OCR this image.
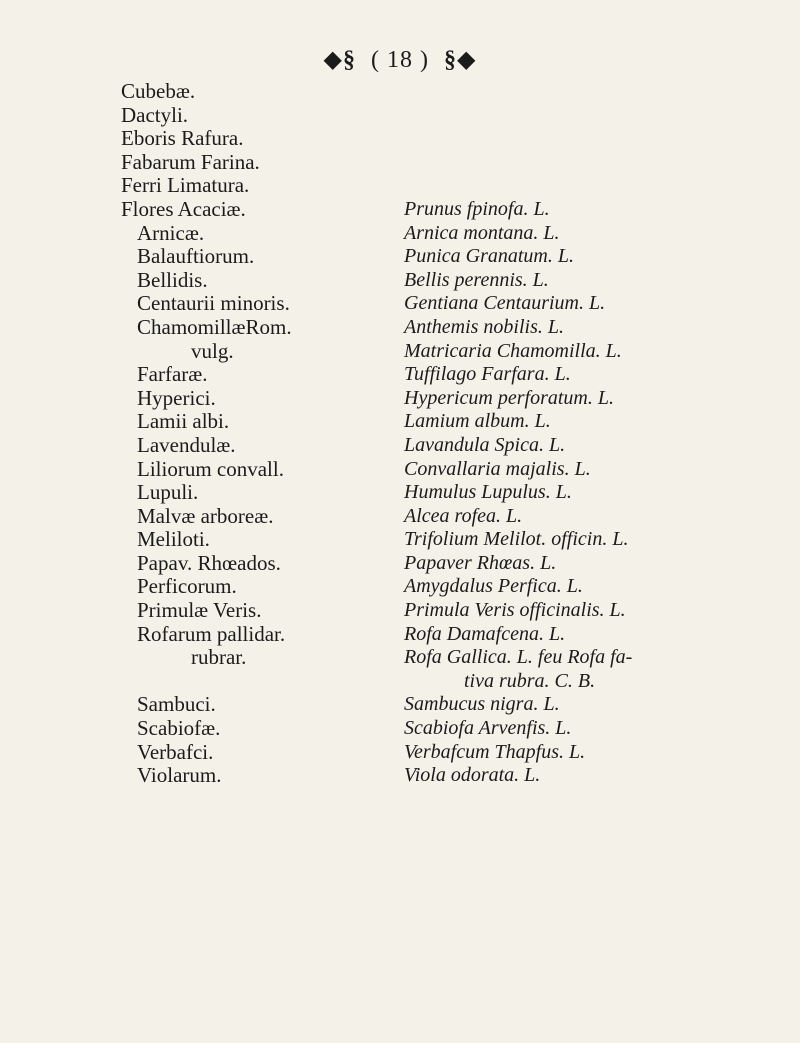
◆§ ( 18 ) §◆
Cubebæ.
Dactyli.
Eboris Rafura.
Fabarum Farina.
Ferri Limatura.
Flores Acaciæ.
Arnicæ.
Balauftiorum.
Bellidis.
Centaurii minoris.
ChamomillæRom.
vulg.
Farfaræ.
Hyperici.
Lamii albi.
Lavendulæ.
Liliorum convall.
Lupuli.
Malvæ arboreæ.
Meliloti.
Papav. Rhœados.
Perficorum.
Primulæ Veris.
Rofarum pallidar.
rubrar.
Sambuci.
Scabiofæ.
Verbafci.
Violarum.
Prunus fpinofa. L.
Arnica montana. L.
Punica Granatum. L.
Bellis perennis. L.
Gentiana Centaurium. L.
Anthemis nobilis. L.
Matricaria Chamomilla. L.
Tuffilago Farfara. L.
Hypericum perforatum. L.
Lamium album. L.
Lavandula Spica. L.
Convallaria majalis. L.
Humulus Lupulus. L.
Alcea rofea. L.
Trifolium Melilot. officin. L.
Papaver Rhœas. L.
Amygdalus Perfica. L.
Primula Veris officinalis. L.
Rofa Damafcena. L.
Rofa Gallica. L. feu Rofa fa-
tiva rubra. C. B.
Sambucus nigra. L.
Scabiofa Arvenfis. L.
Verbafcum Thapfus. L.
Viola odorata. L.
